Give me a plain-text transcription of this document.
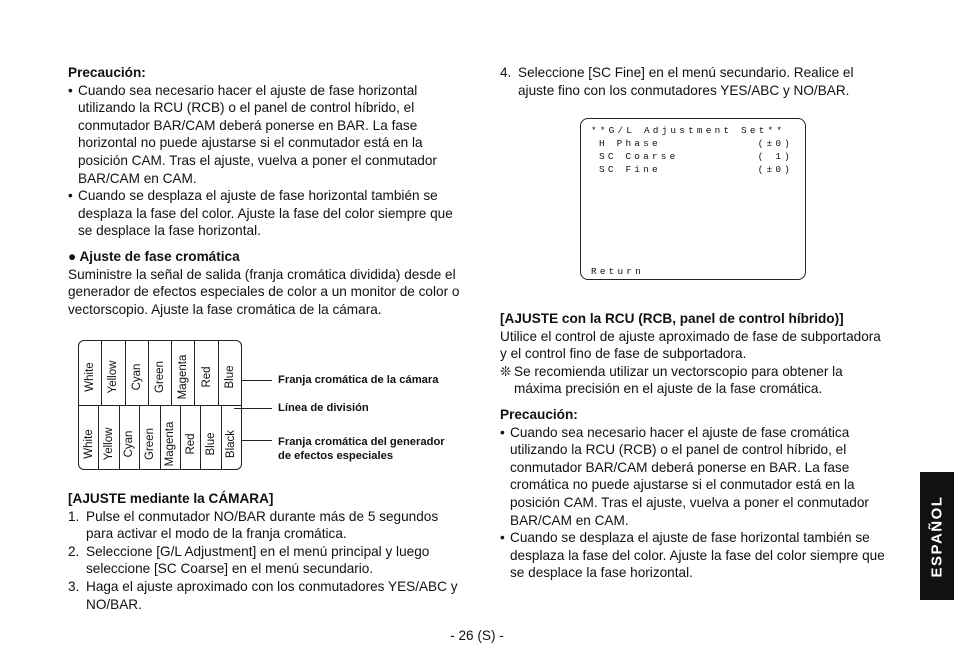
Precaución:

• Cuando sea necesario hacer el ajuste de fase horizontal utilizando la RCU (RCB) o el panel de control híbrido, el conmutador BAR/CAM deberá ponerse en BAR. La fase horizontal no puede ajustarse si el conmutador está en la posición CAM. Tras el ajuste, vuelva a poner el conmutador BAR/CAM en CAM.
• Cuando se desplaza el ajuste de fase horizontal también se desplaza la fase del color. Ajuste la fase del color siempre que se desplace la fase horizontal.

● Ajuste de fase cromática

Suministre la señal de salida (franja cromática dividida) desde el generador de efectos especiales de color a un monitor de color o vectorscopio. Ajuste la fase cromática de la cámara.

White Yellow Cyan Green Magenta Red Blue
White Yellow Cyan Green Magenta Red Blue Black
Franja cromática de la cámara
Línea de división
Franja cromática del generador de efectos especiales

[AJUSTE mediante la CÁMARA]

1. Pulse el conmutador NO/BAR durante más de 5 segundos para activar el modo de la franja cromática.
2. Seleccione [G/L Adjustment] en el menú principal y luego seleccione [SC Coarse] en el menú secundario.
3. Haga el ajuste aproximado con los conmutadores YES/ABC y NO/BAR.
4. Seleccione [SC Fine] en el menú secundario. Realice el ajuste fino con los conmutadores YES/ABC y NO/BAR.
**G/L Adjustment Set**
H Phase	(±0)
SC Coarse	( 1)
SC Fine	(±0)
Return

[AJUSTE con la RCU (RCB, panel de control híbrido)]

Utilice el control de ajuste aproximado de fase de subportadora y el control fino de fase de subportadora.

❊ Se recomienda utilizar un vectorscopio para obtener la máxima precisión en el ajuste de la fase cromática.

Precaución:

• Cuando sea necesario hacer el ajuste de fase cromática utilizando la RCU (RCB) o el panel de control híbrido, el conmutador BAR/CAM deberá ponerse en BAR. La fase cromática no puede ajustarse si el conmutador está en la posición CAM. Tras el ajuste, vuelva a poner el conmutador BAR/CAM en CAM.
• Cuando se desplaza el ajuste de fase horizontal también se desplaza la fase del color. Ajuste la fase del color siempre que se desplace la fase horizontal.
- 26 (S) -
ESPAÑOL
